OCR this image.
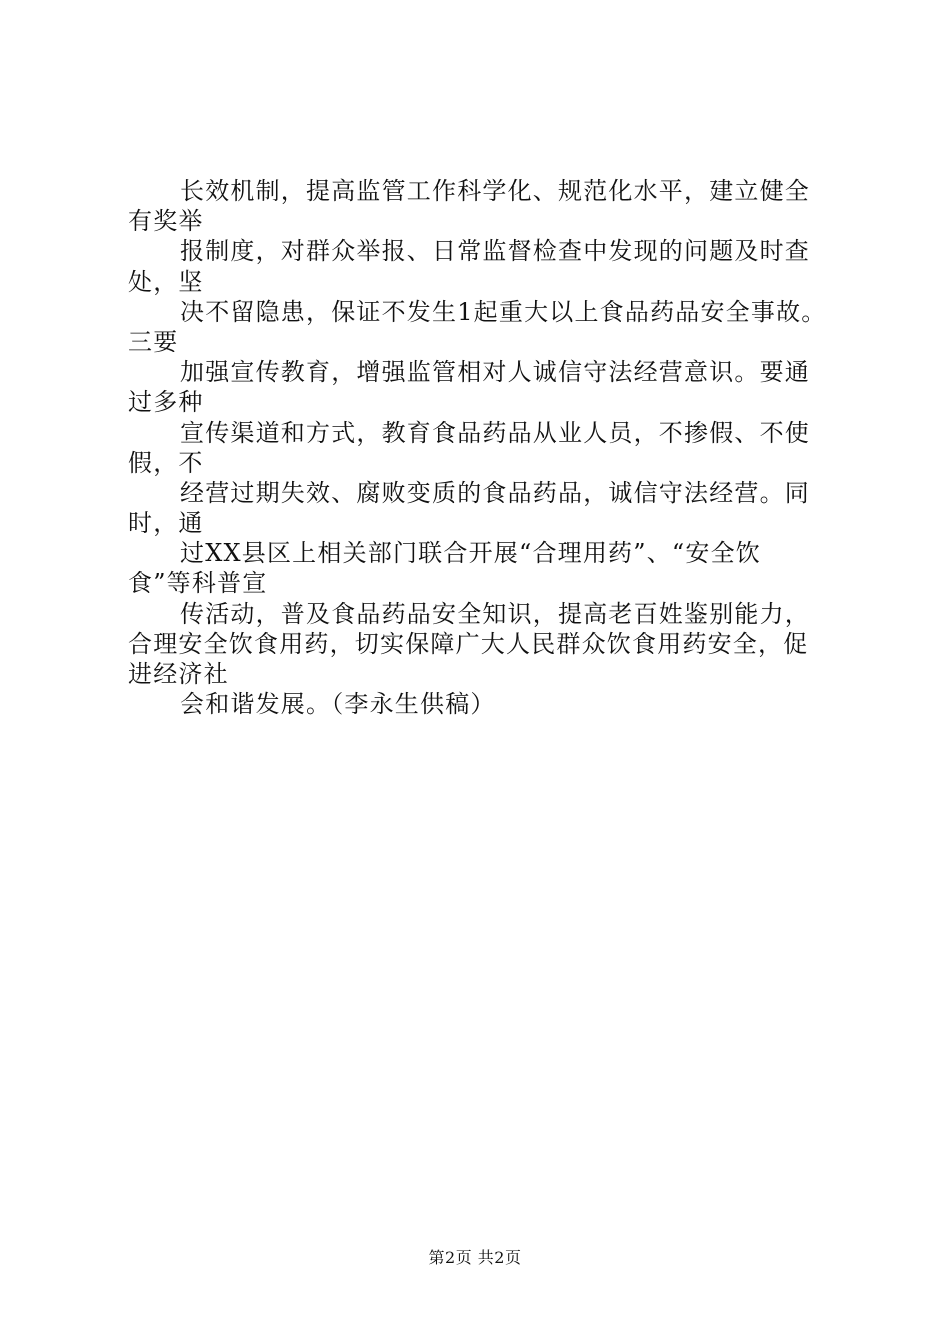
长效机制，提高监管工作科学化、规范化水平，建立健全
有奖举
报制度，对群众举报、日常监督检查中发现的问题及时查
处，坚
决不留隐患，保证不发生1起重大以上食品药品安全事故。
三要
加强宣传教育，增强监管相对人诚信守法经营意识。要通
过多种
宣传渠道和方式，教育食品药品从业人员，不掺假、不使
假，不
经营过期失效、腐败变质的食品药品，诚信守法经营。同
时，通
过XX县区上相关部门联合开展“合理用药”、“安全饮
食”等科普宣
传活动，普及食品药品安全知识，提高老百姓鉴别能力，
合理安全饮食用药，切实保障广大人民群众饮食用药安全，促
进经济社
会和谐发展。（李永生供稿）
第2页 共2页
